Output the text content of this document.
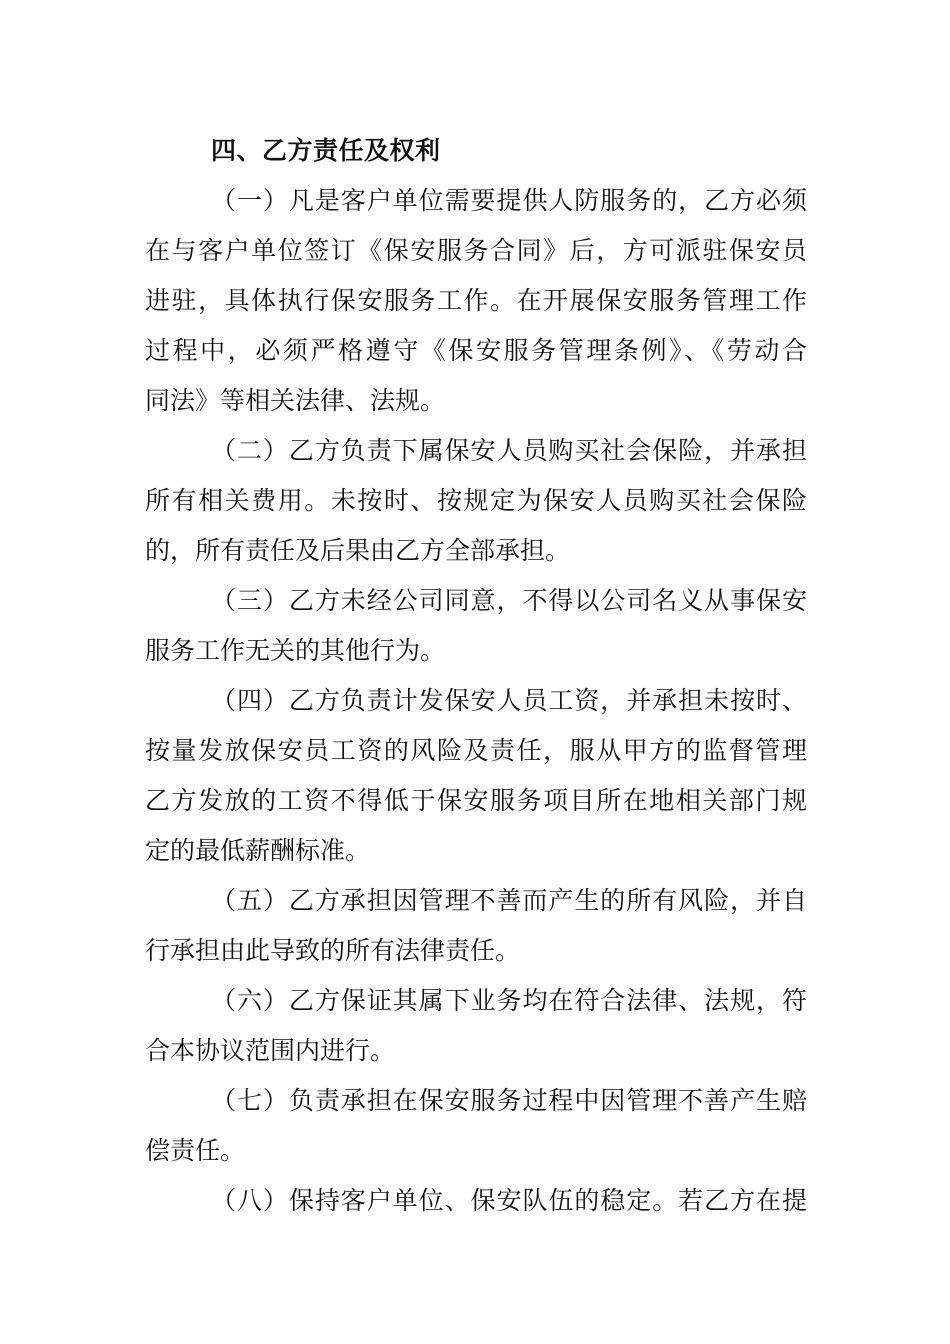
四、乙方责任及权利
（一）凡是客户单位需要提供人防服务的，乙方必须
在与客户单位签订《保安服务合同》后，方可派驻保安员
进驻，具体执行保安服务工作。在开展保安服务管理工作
过程中，必须严格遵守《保安服务管理条例》、《劳动合
同法》等相关法律、法规。
（二）乙方负责下属保安人员购买社会保险，并承担
所有相关费用。未按时、按规定为保安人员购买社会保险
的，所有责任及后果由乙方全部承担。
（三）乙方未经公司同意，不得以公司名义从事保安
服务工作无关的其他行为。
（四）乙方负责计发保安人员工资，并承担未按时、
按量发放保安员工资的风险及责任，服从甲方的监督管理
乙方发放的工资不得低于保安服务项目所在地相关部门规
定的最低薪酬标准。
（五）乙方承担因管理不善而产生的所有风险，并自
行承担由此导致的所有法律责任。
（六）乙方保证其属下业务均在符合法律、法规，符
合本协议范围内进行。
（七）负责承担在保安服务过程中因管理不善产生赔
偿责任。
（八）保持客户单位、保安队伍的稳定。若乙方在提
